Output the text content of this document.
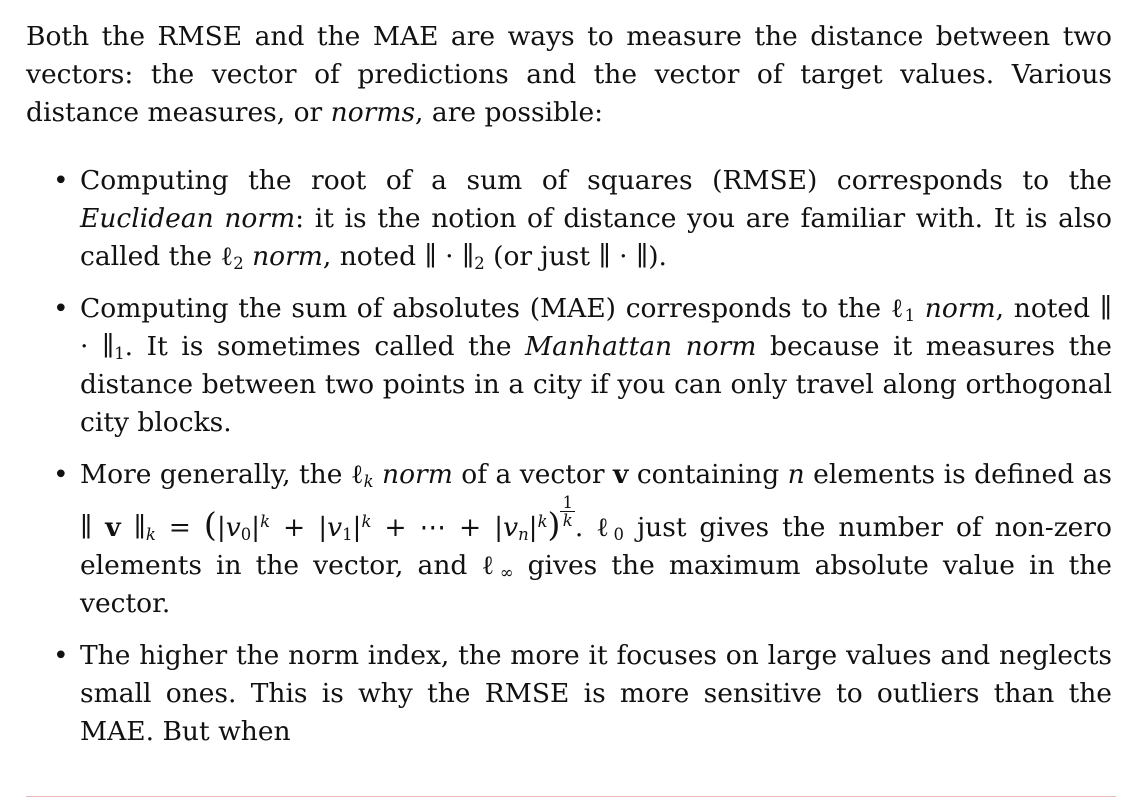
Both the RMSE and the MAE are ways to measure the distance between two vectors: the vector of predictions and the vector of target values. Various distance measures, or norms, are possible:

• Computing the root of a sum of squares (RMSE) corresponds to the Euclidean norm: it is the notion of distance you are familiar with. It is also called the ℓ$_2$ norm, noted ∥ · $\parallel_2$ (or just ∥ · ∥).
• Computing the sum of absolutes (MAE) corresponds to the ℓ$_1$ norm, noted ∥ · $\parallel_1$. It is sometimes called the Manhattan norm because it measures the distance between two points in a city if you can only travel along orthogonal city blocks.
• More generally, the ℓ$_k$ norm of a vector v containing n elements is defined as ∥ v $\parallel_k = (|v_0|^k + |v_1|^k$ + ⋯ + $|v_n|^k) \frac{1}{k}$ . ℓ$_0$ just gives the number of non-zero elements in the vector, and ℓ$_\infty$ gives the maximum absolute value in the vector.
• The higher the norm index, the more it focuses on large values and neglects small ones. This is why the RMSE is more sensitive to outliers than the MAE. But when
